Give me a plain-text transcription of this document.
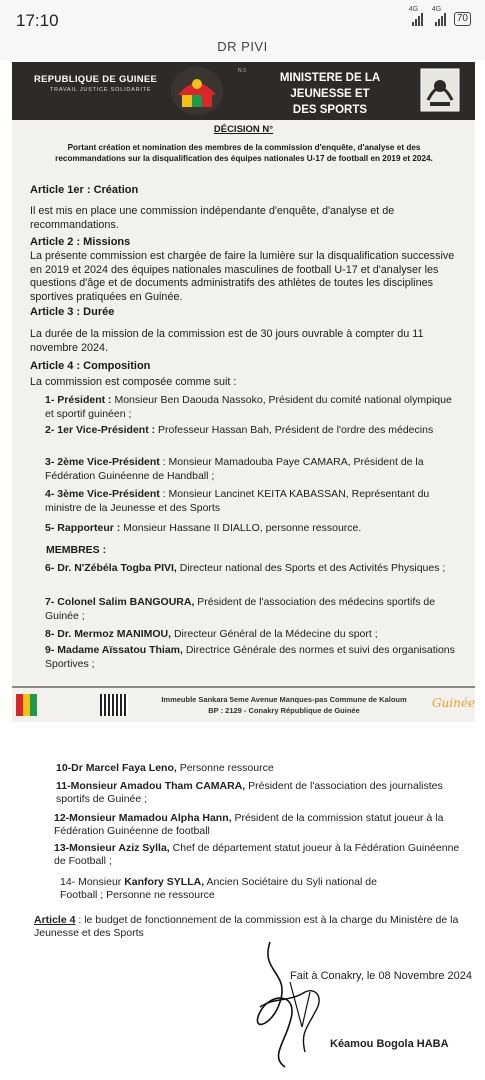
17:10
4G 4G
70
DR PIVI
REPUBLIQUE DE GUINEE
TRAVAIL JUSTICE SOLIDARITE
N 3
MINISTERE DE LA JEUNESSE ET
DES SPORTS
DÉCISION N°
Portant création et nomination des membres de la commission d'enquête, d'analyse et des recommandations sur la disqualification des équipes nationales U-17 de football en 2019 et 2024.
Article 1er : Création
Il est mis en place une commission indépendante d'enquête, d'analyse et de recommandations.
Article 2 : Missions
La présente commission est chargée de faire la lumière sur la disqualification successive en 2019 et 2024 des équipes nationales masculines de football U-17 et d'analyser les questions d'âge et de documents administratifs des athlètes de toutes les disciplines sportives pratiquées en Guinée.
Article 3 : Durée
La durée de la mission de la commission est de 30 jours ouvrable à compter du 11 novembre 2024.
Article 4 : Composition
La commission est composée comme suit :
1- Président : Monsieur Ben Daouda Nassoko, Président du comité national olympique et sportif guinéen ;
2- 1er Vice-Président : Professeur Hassan Bah, Président de l'ordre des médecins
3- 2ème Vice-Président : Monsieur Mamadouba Paye CAMARA, Président de la Fédération Guinéenne de Handball ;
4- 3ème Vice-Président : Monsieur Lancinet KEITA KABASSAN, Représentant du ministre de la Jeunesse et des Sports
5- Rapporteur : Monsieur Hassane II DIALLO, personne ressource.
MEMBRES :
6- Dr. N'Zébéla Togba PIVI, Directeur national des Sports et des Activités Physiques ;
7- Colonel Salim BANGOURA, Président de l'association des médecins sportifs de Guinée ;
8- Dr. Mermoz MANIMOU, Directeur Général de la Médecine du sport ;
9- Madame Aïssatou Thiam, Directrice Générale des normes et suivi des organisations Sportives ;
Immeuble Sankara 5eme Avenue Manques-pas Commune de Kaloum
BP : 2129 - Conakry République de Guinée
Guinée
10-Dr Marcel Faya Leno, Personne ressource
11-Monsieur Amadou Tham CAMARA, Président de l'association des journalistes sportifs de Guinée ;
12-Monsieur Mamadou Alpha Hann, Président de la commission statut joueur à la Fédération Guinéenne de football
13-Monsieur Aziz Sylla, Chef de département statut joueur à la Fédération Guinéenne de Football ;
14- Monsieur Kanfory SYLLA, Ancien Sociétaire du Syli national de Football ; Personne ne ressource
Article 4 : le budget de fonctionnement de la commission est à la charge du Ministère de la Jeunesse et des Sports
Fait à Conakry, le 08 Novembre 2024
Kéamou Bogola HABA
